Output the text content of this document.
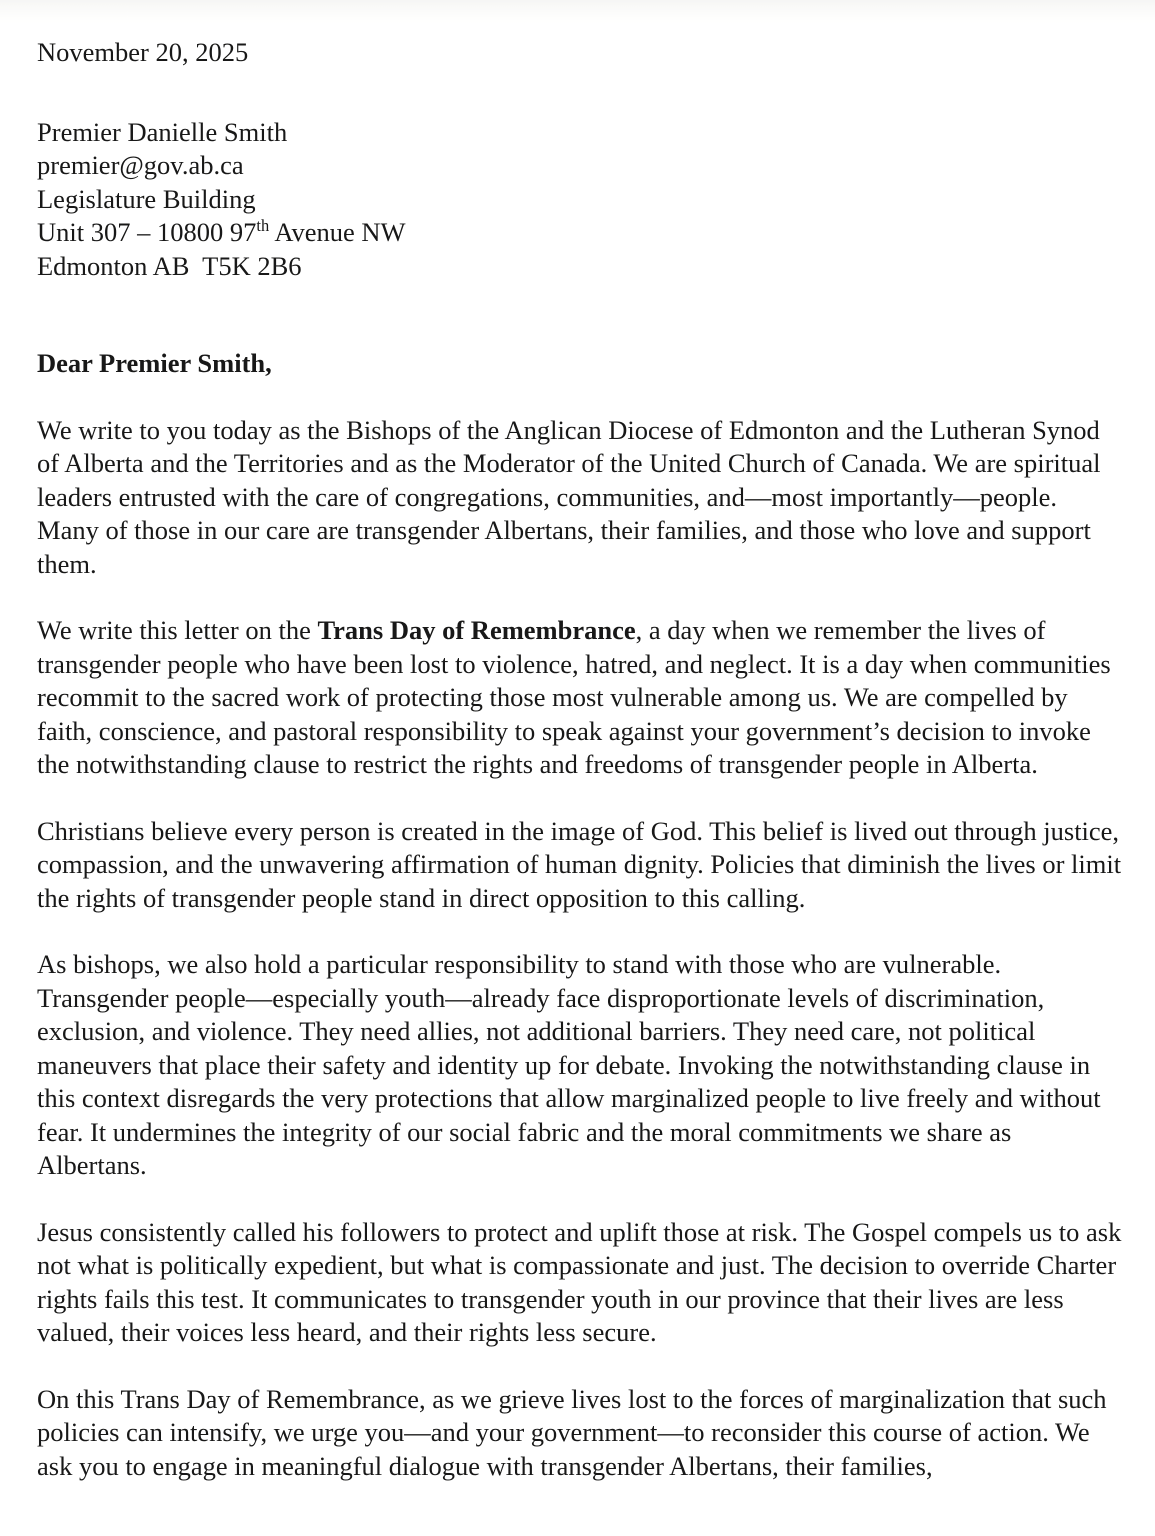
November 20, 2025
Premier Danielle Smith
premier@gov.ab.ca
Legislature Building
Unit 307 – 10800 97th Avenue NW
Edmonton AB  T5K 2B6
Dear Premier Smith,

We write to you today as the Bishops of the Anglican Diocese of Edmonton and the Lutheran Synod of Alberta and the Territories and as the Moderator of the United Church of Canada. We are spiritual leaders entrusted with the care of congregations, communities, and—most importantly—people. Many of those in our care are transgender Albertans, their families, and those who love and support them.

We write this letter on the Trans Day of Remembrance, a day when we remember the lives of transgender people who have been lost to violence, hatred, and neglect. It is a day when communities recommit to the sacred work of protecting those most vulnerable among us. We are compelled by faith, conscience, and pastoral responsibility to speak against your government’s decision to invoke the notwithstanding clause to restrict the rights and freedoms of transgender people in Alberta.

Christians believe every person is created in the image of God. This belief is lived out through justice, compassion, and the unwavering affirmation of human dignity. Policies that diminish the lives or limit the rights of transgender people stand in direct opposition to this calling.

As bishops, we also hold a particular responsibility to stand with those who are vulnerable. Transgender people—especially youth—already face disproportionate levels of discrimination, exclusion, and violence. They need allies, not additional barriers. They need care, not political maneuvers that place their safety and identity up for debate. Invoking the notwithstanding clause in this context disregards the very protections that allow marginalized people to live freely and without fear. It undermines the integrity of our social fabric and the moral commitments we share as Albertans.

Jesus consistently called his followers to protect and uplift those at risk. The Gospel compels us to ask not what is politically expedient, but what is compassionate and just. The decision to override Charter rights fails this test. It communicates to transgender youth in our province that their lives are less valued, their voices less heard, and their rights less secure.

On this Trans Day of Remembrance, as we grieve lives lost to the forces of marginalization that such policies can intensify, we urge you—and your government—to reconsider this course of action. We ask you to engage in meaningful dialogue with transgender Albertans, their families,
